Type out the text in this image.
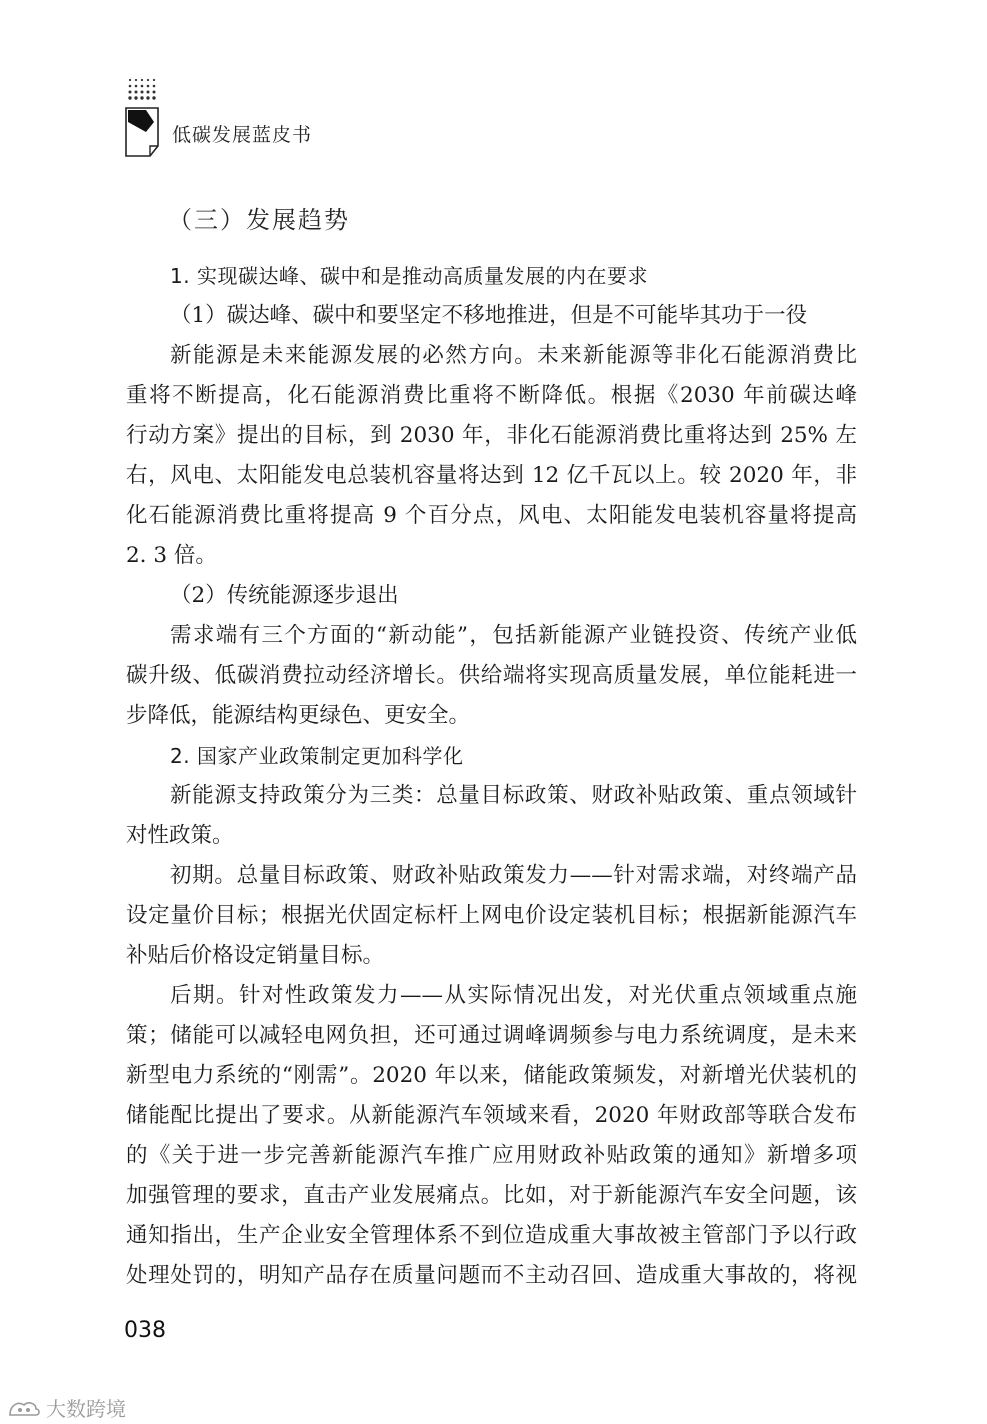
低碳发展蓝皮书
（三）发展趋势
1. 实现碳达峰、碳中和是推动高质量发展的内在要求
（1）碳达峰、碳中和要坚定不移地推进，但是不可能毕其功于一役
新能源是未来能源发展的必然方向。未来新能源等非化石能源消费比
重将不断提高，化石能源消费比重将不断降低。根据《2030 年前碳达峰
行动方案》提出的目标，到 2030 年，非化石能源消费比重将达到 25% 左
右，风电、太阳能发电总装机容量将达到 12 亿千瓦以上。较 2020 年，非
化石能源消费比重将提高 9 个百分点，风电、太阳能发电装机容量将提高
2. 3 倍。
（2）传统能源逐步退出
需求端有三个方面的“新动能”，包括新能源产业链投资、传统产业低
碳升级、低碳消费拉动经济增长。供给端将实现高质量发展，单位能耗进一
步降低，能源结构更绿色、更安全。
2. 国家产业政策制定更加科学化
新能源支持政策分为三类：总量目标政策、财政补贴政策、重点领域针
对性政策。
初期。总量目标政策、财政补贴政策发力——针对需求端，对终端产品
设定量价目标；根据光伏固定标杆上网电价设定装机目标；根据新能源汽车
补贴后价格设定销量目标。
后期。针对性政策发力——从实际情况出发，对光伏重点领域重点施
策；储能可以减轻电网负担，还可通过调峰调频参与电力系统调度，是未来
新型电力系统的“刚需”。2020 年以来，储能政策频发，对新增光伏装机的
储能配比提出了要求。从新能源汽车领域来看，2020 年财政部等联合发布
的《关于进一步完善新能源汽车推广应用财政补贴政策的通知》新增多项
加强管理的要求，直击产业发展痛点。比如，对于新能源汽车安全问题，该
通知指出，生产企业安全管理体系不到位造成重大事故被主管部门予以行政
处理处罚的，明知产品存在质量问题而不主动召回、造成重大事故的，将视
038
大数跨境
